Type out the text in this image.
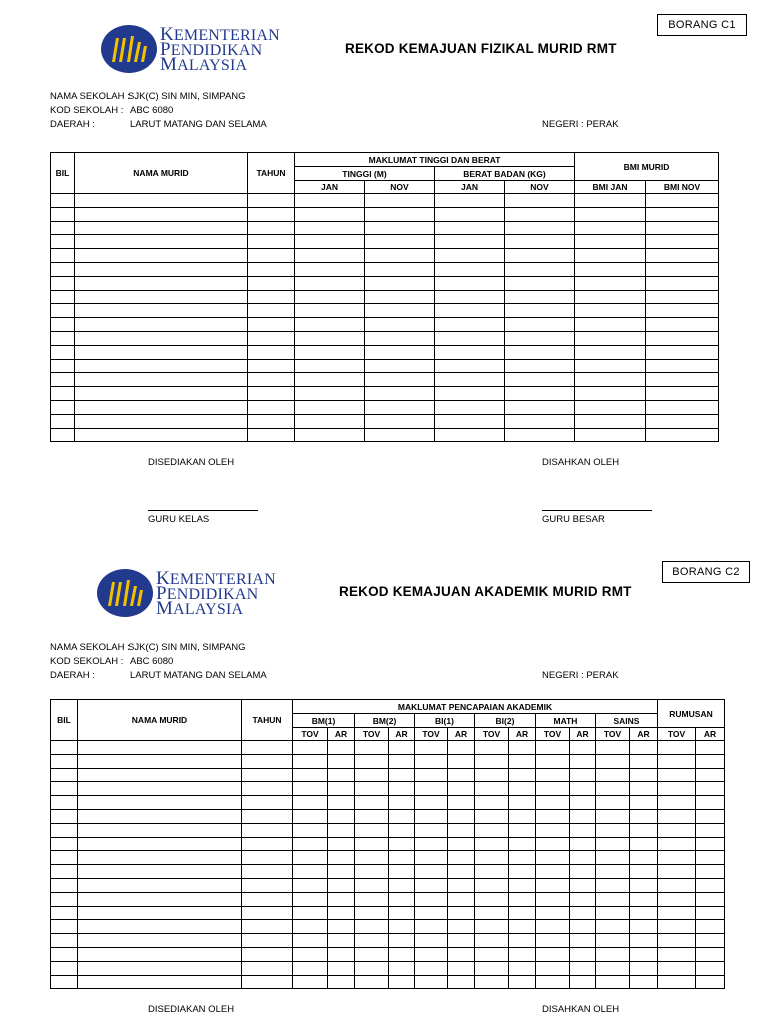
BORANG C1
KEMENTERIAN
PENDIDIKAN
MALAYSIA
REKOD KEMAJUAN FIZIKAL MURID RMT
NAMA SEKOLAH :
SJK(C) SIN MIN, SIMPANG
KOD SEKOLAH : ABC 6080
DAERAH :	LARUT MATANG DAN SELAMA	NEGERI : PERAK
BIL	NAMA MURID	TAHUN	MAKLUMAT TINGGI DAN BERAT				BMI MURID	
			TINGGI (M)		BERAT BADAN (KG)			
			JAN	NOV	JAN	NOV	BMI JAN	BMI NOV

DISEDIAKAN OLEH	DISAHKAN OLEH
GURU KELAS	GURU BESAR
BORANG C2
KEMENTERIAN
PENDIDIKAN
MALAYSIA
REKOD KEMAJUAN AKADEMIK MURID RMT
NAMA SEKOLAH :
SJK(C) SIN MIN, SIMPANG
KOD SEKOLAH : ABC 6080
DAERAH :	LARUT MATANG DAN SELAMA	NEGERI : PERAK
BIL	NAMA MURID	TAHUN	MAKLUMAT PENCAPAIAN AKADEMIK												RUMUSAN	
			BM(1)		BM(2)		BI(1)		BI(2)		MATH		SAINS			
			TOV	AR	TOV	AR	TOV	AR	TOV	AR	TOV	AR	TOV	AR	TOV	AR

DISEDIAKAN OLEH	DISAHKAN OLEH
